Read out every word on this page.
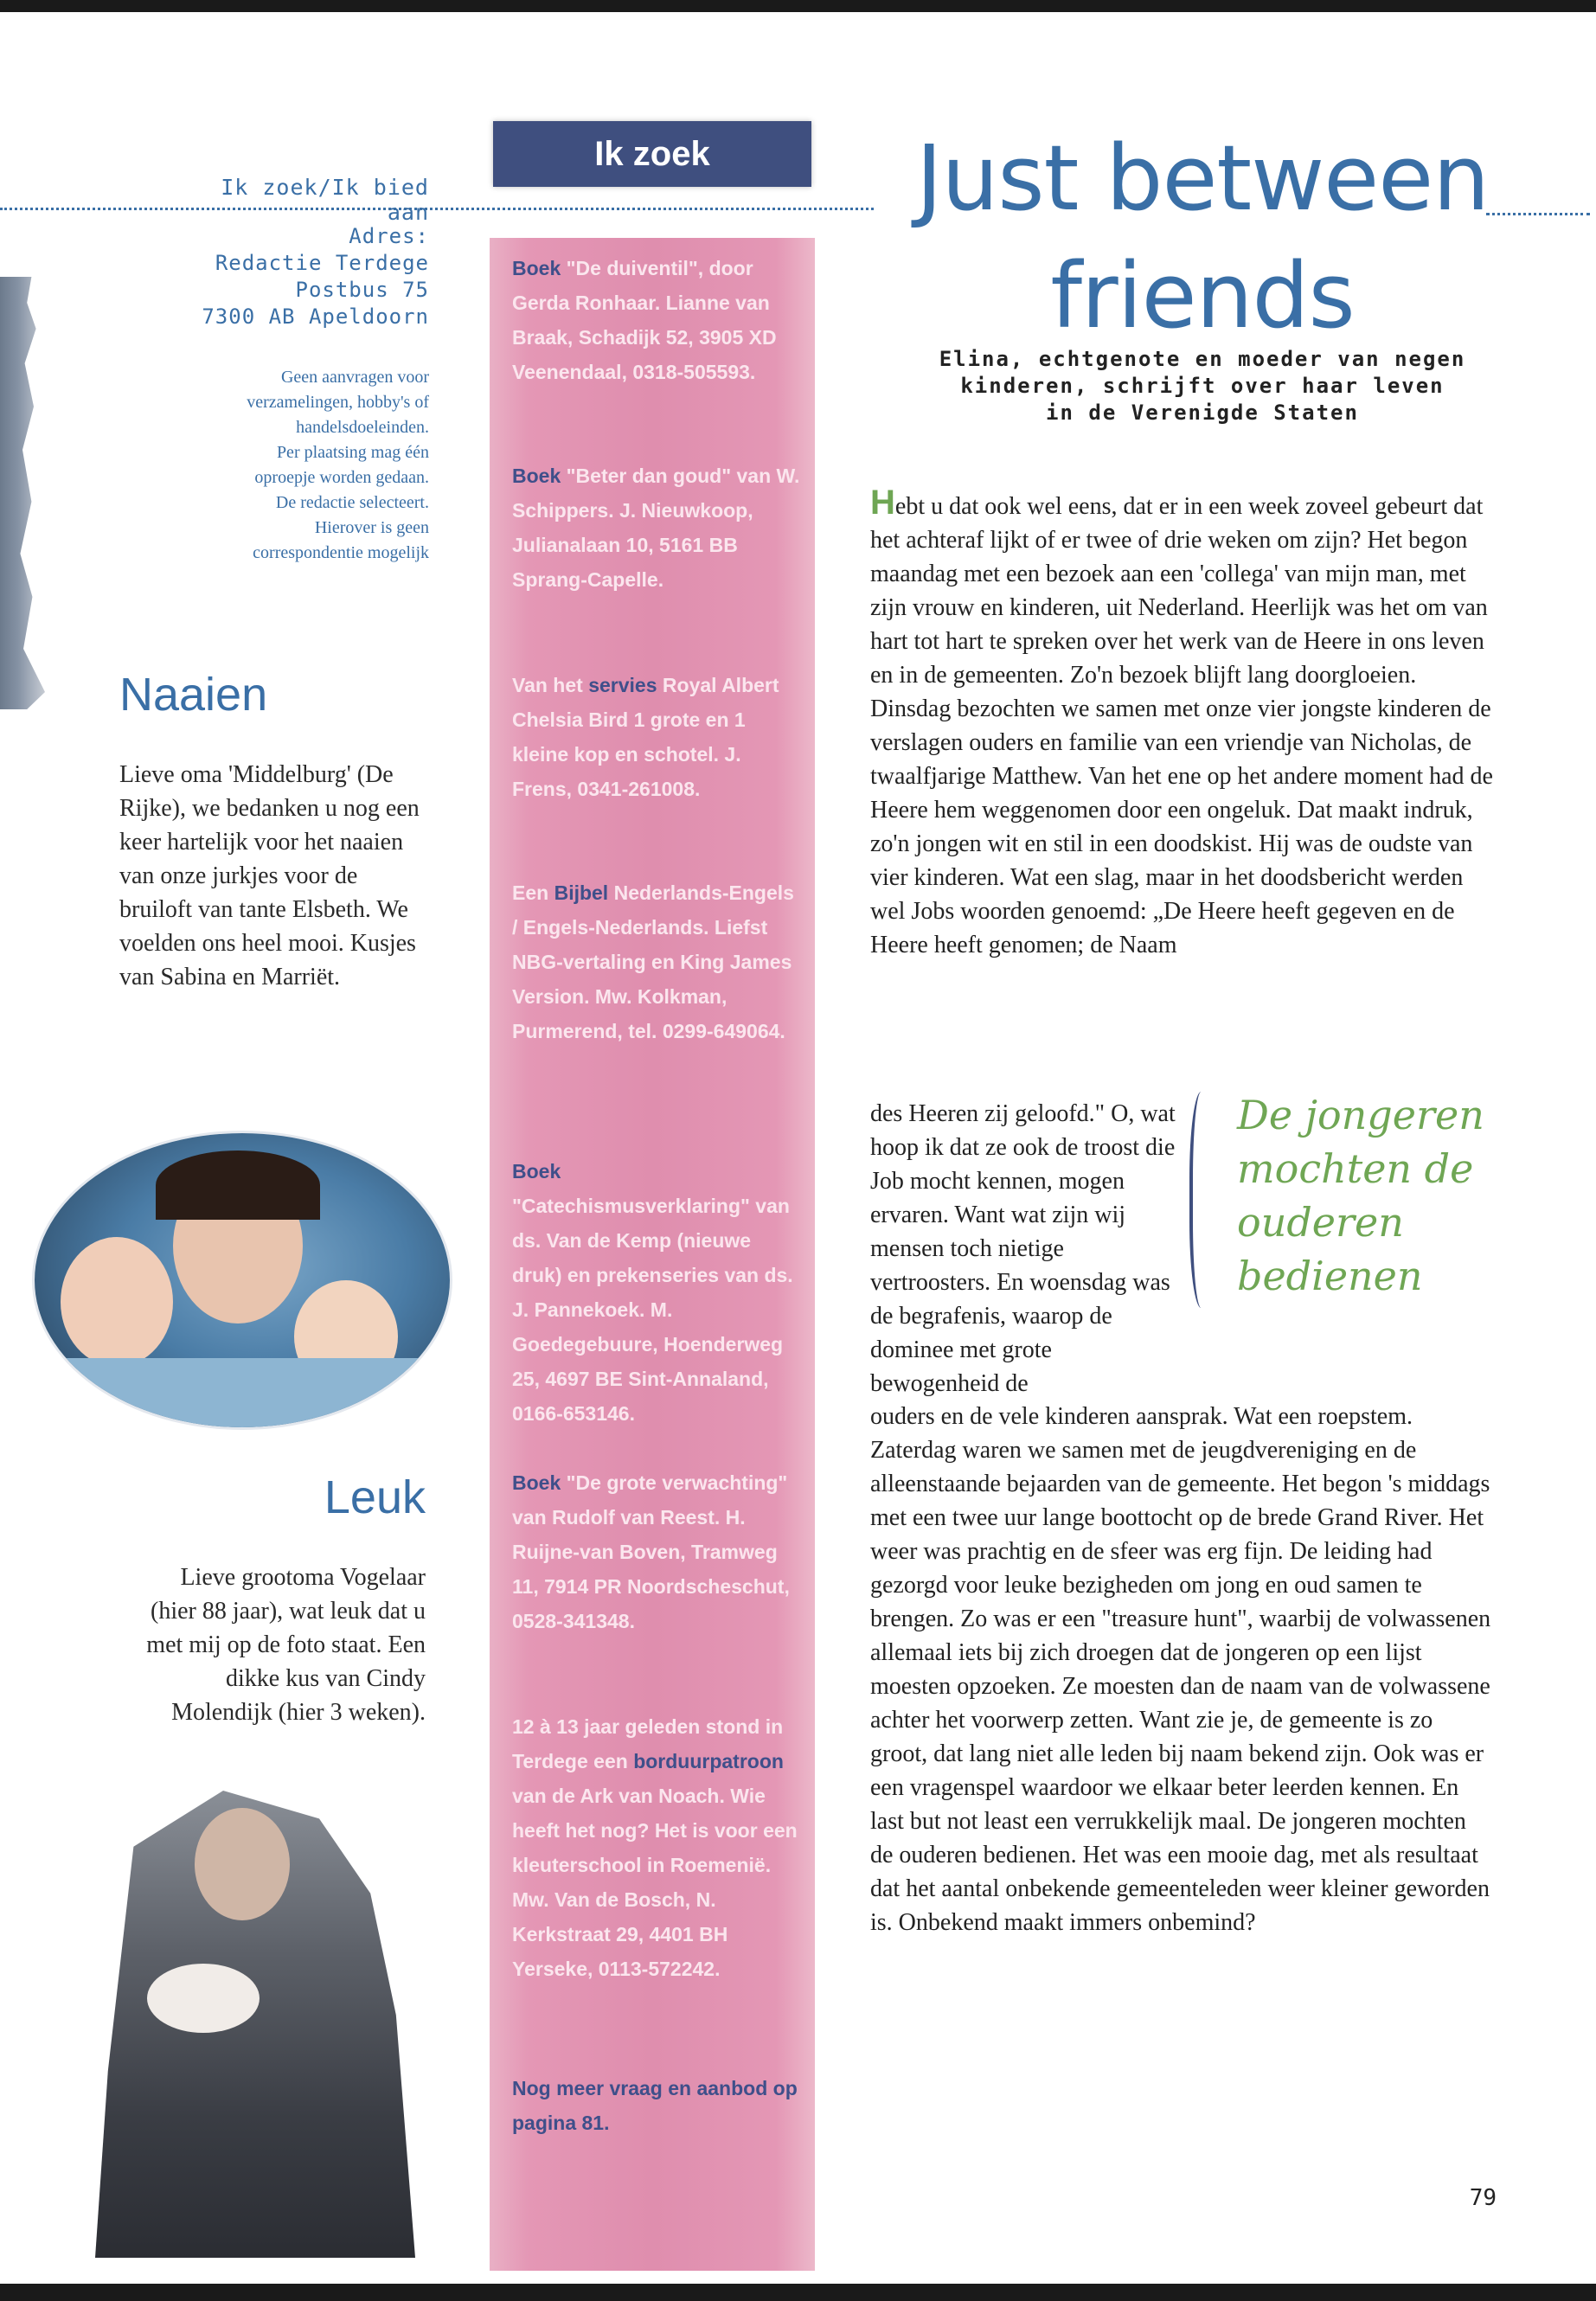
Ik zoek/Ik bied aan
Adres:
Redactie Terdege
Postbus 75
7300 AB Apeldoorn
Geen aanvragen voor
verzamelingen, hobby's of
handelsdoeleinden.
Per plaatsing mag één
oproepje worden gedaan.
De redactie selecteert.
Hierover is geen
correspondentie mogelijk
Naaien
Lieve oma 'Middelburg' (De Rijke), we bedanken u nog een keer hartelijk voor het naaien van onze jurkjes voor de bruiloft van tante Elsbeth. We voelden ons heel mooi. Kusjes van Sabina en Marriët.
Leuk
Lieve grootoma Vogelaar (hier 88 jaar), wat leuk dat u met mij op de foto staat. Een dikke kus van Cindy Molendijk (hier 3 weken).
Ik zoek
Boek "De duiventil", door Gerda Ronhaar. Lianne van Braak, Schadijk 52, 3905 XD Veenendaal, 0318-505593.
Boek "Beter dan goud" van W. Schippers. J. Nieuwkoop, Julianalaan 10, 5161 BB Sprang-Capelle.
Van het servies Royal Albert Chelsia Bird 1 grote en 1 kleine kop en schotel. J. Frens, 0341-261008.
Een Bijbel Nederlands-Engels / Engels-Nederlands. Liefst NBG-vertaling en King James Version. Mw. Kolkman, Purmerend, tel. 0299-649064.
Boek "Catechismusverklaring" van ds. Van de Kemp (nieuwe druk) en prekenseries van ds. J. Pannekoek. M. Goedegebuure, Hoenderweg 25, 4697 BE Sint-Annaland, 0166-653146.
Boek "De grote verwachting" van Rudolf van Reest. H. Ruijne-van Boven, Tramweg 11, 7914 PR Noordscheschut, 0528-341348.
12 à 13 jaar geleden stond in Terdege een borduurpatroon van de Ark van Noach. Wie heeft het nog? Het is voor een kleuterschool in Roemenië. Mw. Van de Bosch, N. Kerkstraat 29, 4401 BH Yerseke, 0113-572242.
Nog meer vraag en aanbod op pagina 81.
Just between
friends
Elina, echtgenote en moeder van negen
kinderen, schrijft over haar leven
in de Verenigde Staten

Hebt u dat ook wel eens, dat er in een week zoveel gebeurt dat het achteraf lijkt of er twee of drie weken om zijn? Het begon maandag met een bezoek aan een 'collega' van mijn man, met zijn vrouw en kinderen, uit Nederland. Heerlijk was het om van hart tot hart te spreken over het werk van de Heere in ons leven en in de gemeenten. Zo'n bezoek blijft lang doorgloeien.

Dinsdag bezochten we samen met onze vier jongste kinderen de verslagen ouders en familie van een vriendje van Nicholas, de twaalfjarige Matthew. Van het ene op het andere moment had de Heere hem weggenomen door een ongeluk. Dat maakt indruk, zo'n jongen wit en stil in een doodskist. Hij was de oudste van vier kinderen. Wat een slag, maar in het doodsbericht werden wel Jobs woorden genoemd: „De Heere heeft gegeven en de Heere heeft genomen; de Naam

des Heeren zij geloofd." O, wat hoop ik dat ze ook de troost die Job mocht kennen, mogen ervaren. Want wat zijn wij mensen toch nietige vertroosters. En woensdag was de begrafenis, waarop de dominee met grote bewogenheid de
De jongeren mochten de ouderen bedienen

ouders en de vele kinderen aansprak. Wat een roepstem.

Zaterdag waren we samen met de jeugdvereniging en de alleenstaande bejaarden van de gemeente. Het begon 's middags met een twee uur lange boottocht op de brede Grand River. Het weer was prachtig en de sfeer was erg fijn. De leiding had gezorgd voor leuke bezigheden om jong en oud samen te brengen. Zo was er een "treasure hunt", waarbij de volwassenen allemaal iets bij zich droegen dat de jongeren op een lijst moesten opzoeken. Ze moesten dan de naam van de volwassene achter het voorwerp zetten. Want zie je, de gemeente is zo groot, dat lang niet alle leden bij naam bekend zijn. Ook was er een vragenspel waardoor we elkaar beter leerden kennen. En last but not least een verrukkelijk maal. De jongeren mochten de ouderen bedienen. Het was een mooie dag, met als resultaat dat het aantal onbekende gemeenteleden weer kleiner geworden is. Onbekend maakt immers onbemind?

79
